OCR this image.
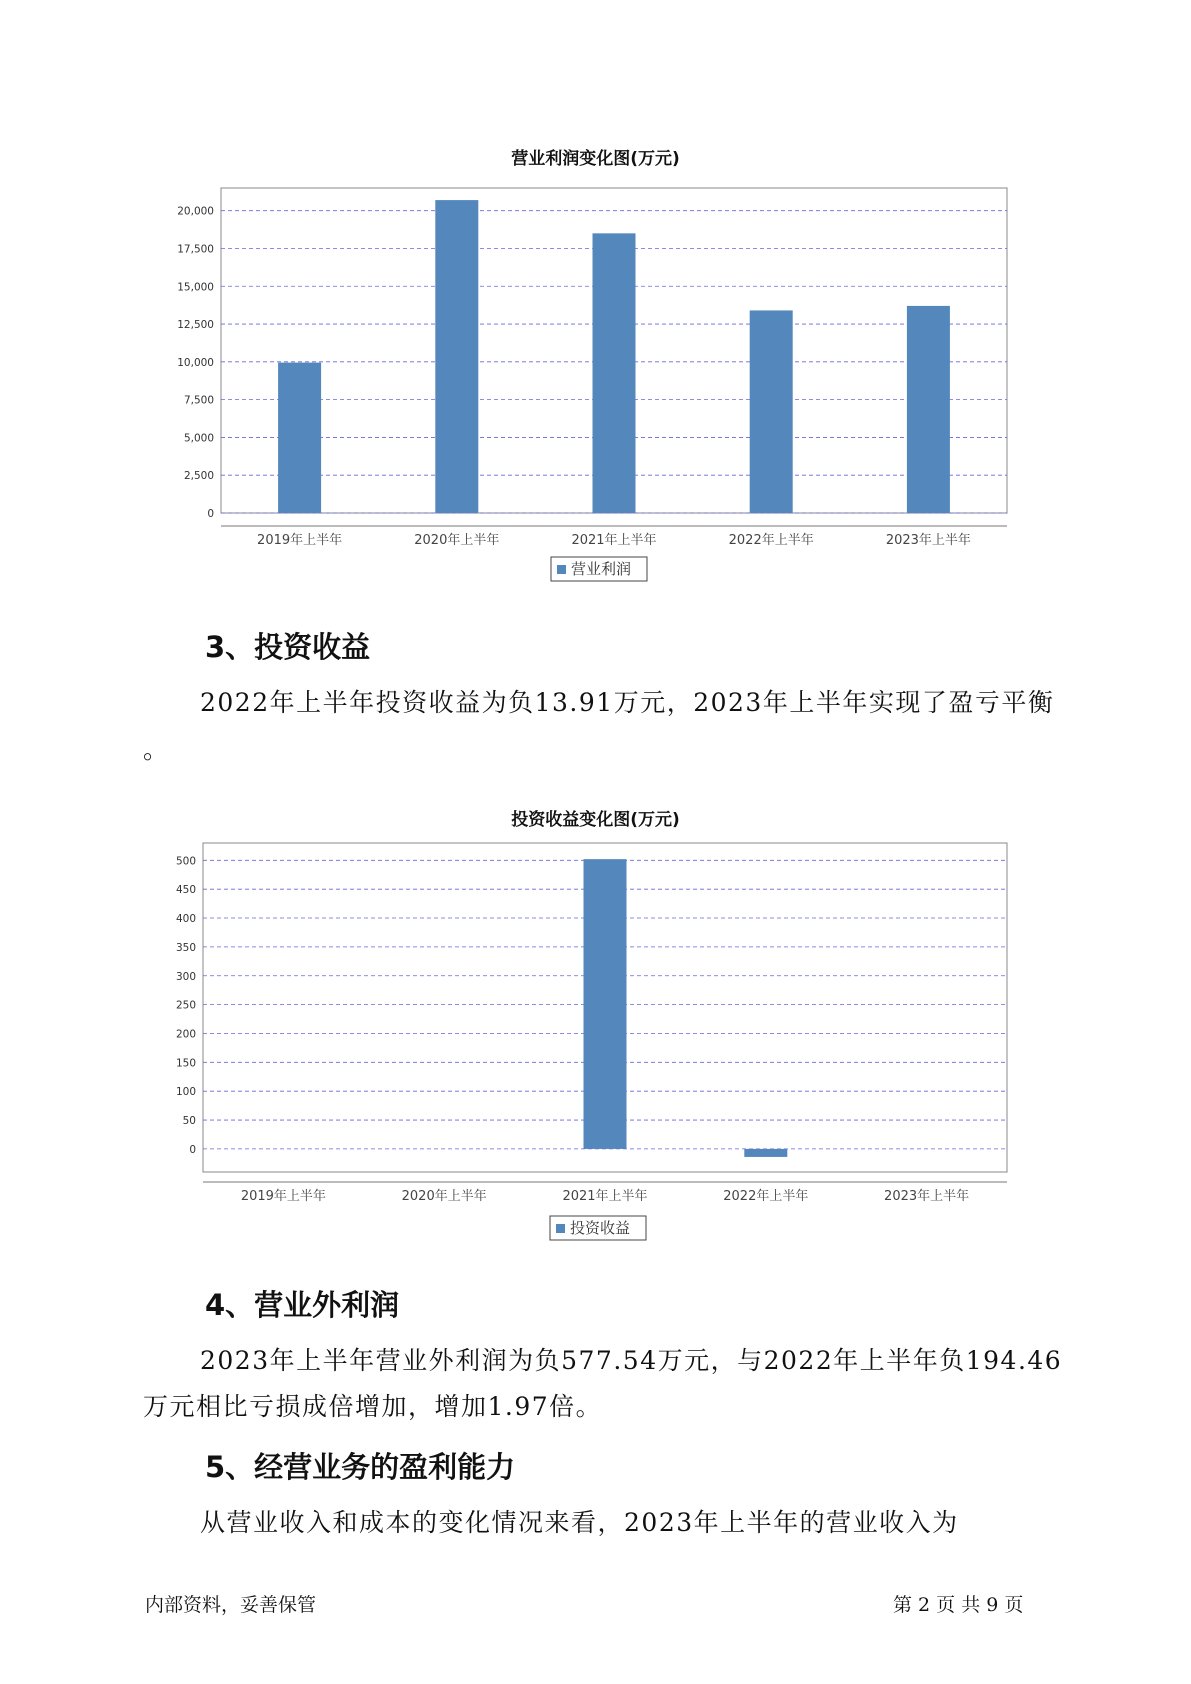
营业利润变化图(万元)
0
2,500
5,000
7,500
10,000
12,500
15,000
17,500
20,000
2019年上半年	2020年上半年	2021年上半年	2022年上半年	2023年上半年
营业利润
3、投资收益
2022年上半年投资收益为负13.91万元，2023年上半年实现了盈亏平衡
。
投资收益变化图(万元)
0
50
100
150
200
250
300
350
400
450
500
2019年上半年	2020年上半年	2021年上半年	2022年上半年	2023年上半年
投资收益
4、营业外利润
2023年上半年营业外利润为负577.54万元，与2022年上半年负194.46
万元相比亏损成倍增加，增加1.97倍。
5、经营业务的盈利能力
从营业收入和成本的变化情况来看，2023年上半年的营业收入为
内部资料，妥善保管	第 2 页 共 9 页
